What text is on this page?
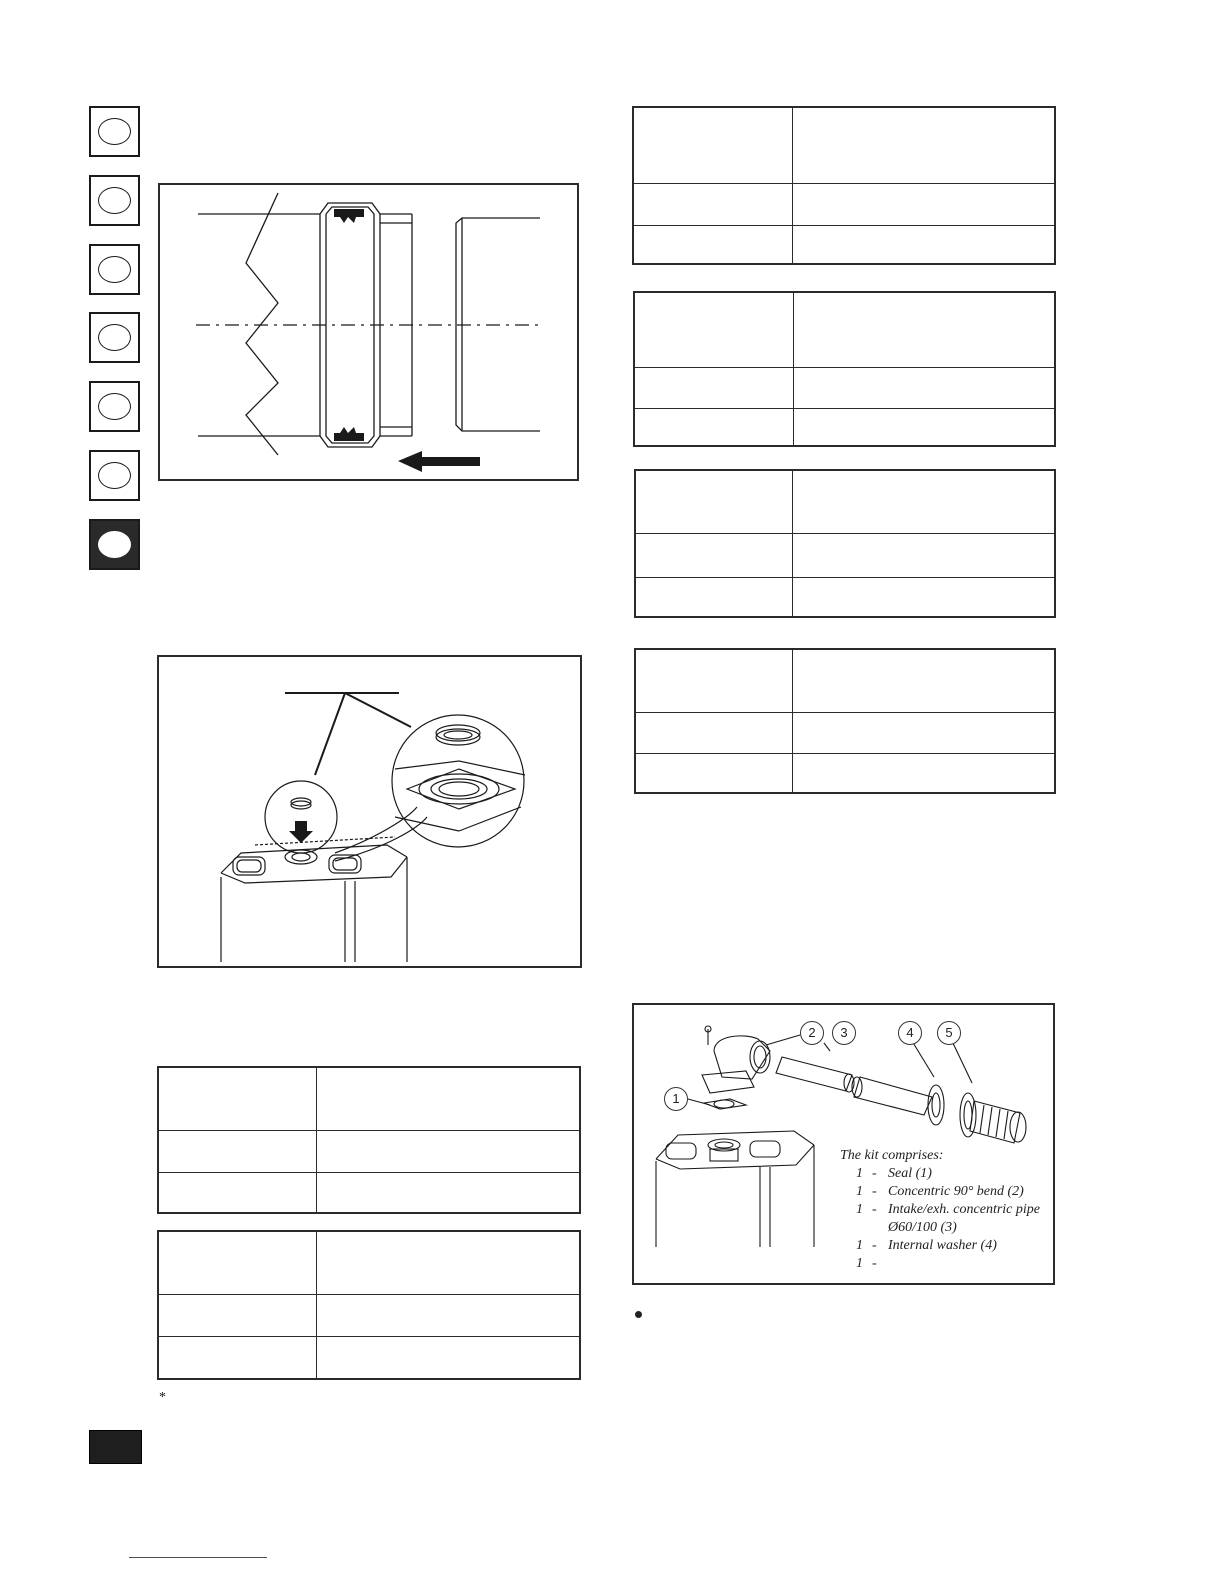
*
1
2	3	4	5
The kit comprises:
1 - Seal (1)
1 - Concentric 90° bend (2)
1 - Intake/exh. concentric pipe
Ø60/100 (3)
1 - Internal washer (4)
1 -
